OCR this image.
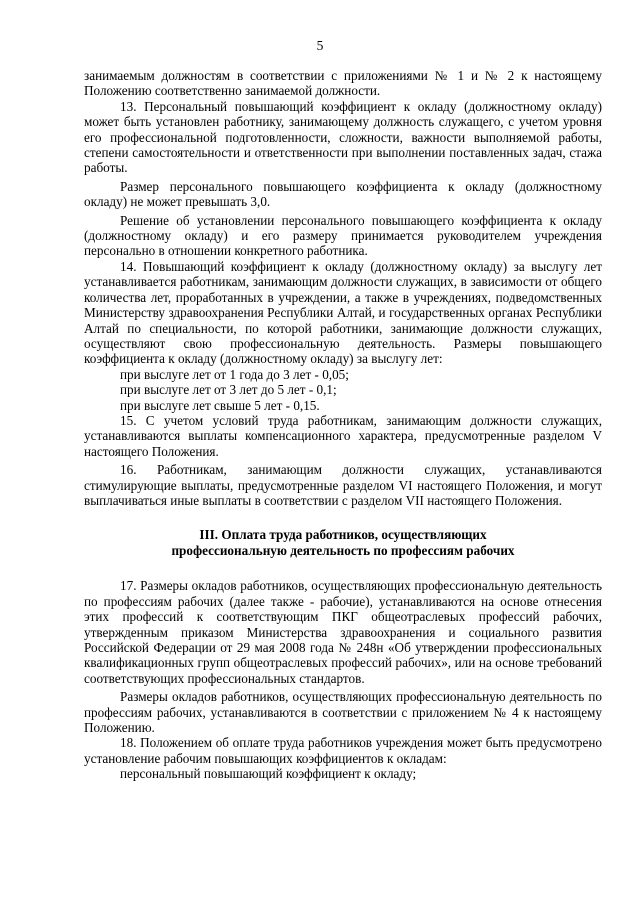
5

занимаемым должностям в соответствии с приложениями № 1 и № 2 к настоящему Положению соответственно занимаемой должности.

13. Персональный повышающий коэффициент к окладу (должностному окладу) может быть установлен работнику, занимающему должность служащего, с учетом уровня его профессиональной подготовленности, сложности, важности выполняемой работы, степени самостоятельности и ответственности при выполнении поставленных задач, стажа работы.

Размер персонального повышающего коэффициента к окладу (должностному окладу) не может превышать 3,0.

Решение об установлении персонального повышающего коэффициента к окладу (должностному окладу) и его размеру принимается руководителем учреждения персонально в отношении конкретного работника.

14. Повышающий коэффициент к окладу (должностному окладу) за выслугу лет устанавливается работникам, занимающим должности служащих, в зависимости от общего количества лет, проработанных в учреждении, а также в учреждениях, подведомственных Министерству здравоохранения Республики Алтай, и государственных органах Республики Алтай по специальности, по которой работники, занимающие должности служащих, осуществляют свою профессиональную деятельность. Размеры повышающего коэффициента к окладу (должностному окладу) за выслугу лет:

при выслуге лет от 1 года до 3 лет - 0,05;

при выслуге лет от 3 лет до 5 лет - 0,1;

при выслуге лет свыше 5 лет - 0,15.

15. С учетом условий труда работникам, занимающим должности служащих, устанавливаются выплаты компенсационного характера, предусмотренные разделом V настоящего Положения.

16. Работникам, занимающим должности служащих, устанавливаются стимулирующие выплаты, предусмотренные разделом VI настоящего Положения, и могут выплачиваться иные выплаты в соответствии с разделом VII настоящего Положения.

III. Оплата труда работников, осуществляющих
профессиональную деятельность по профессиям рабочих

17. Размеры окладов работников, осуществляющих профессиональную деятельность по профессиям рабочих (далее также - рабочие), устанавливаются на основе отнесения этих профессий к соответствующим ПКГ общеотраслевых профессий рабочих, утвержденным приказом Министерства здравоохранения и социального развития Российской Федерации от 29 мая 2008 года № 248н «Об утверждении профессиональных квалификационных групп общеотраслевых профессий рабочих», или на основе требований соответствующих профессиональных стандартов.

Размеры окладов работников, осуществляющих профессиональную деятельность по профессиям рабочих, устанавливаются в соответствии с приложением № 4 к настоящему Положению.

18. Положением об оплате труда работников учреждения может быть предусмотрено установление рабочим повышающих коэффициентов к окладам:

персональный повышающий коэффициент к окладу;
